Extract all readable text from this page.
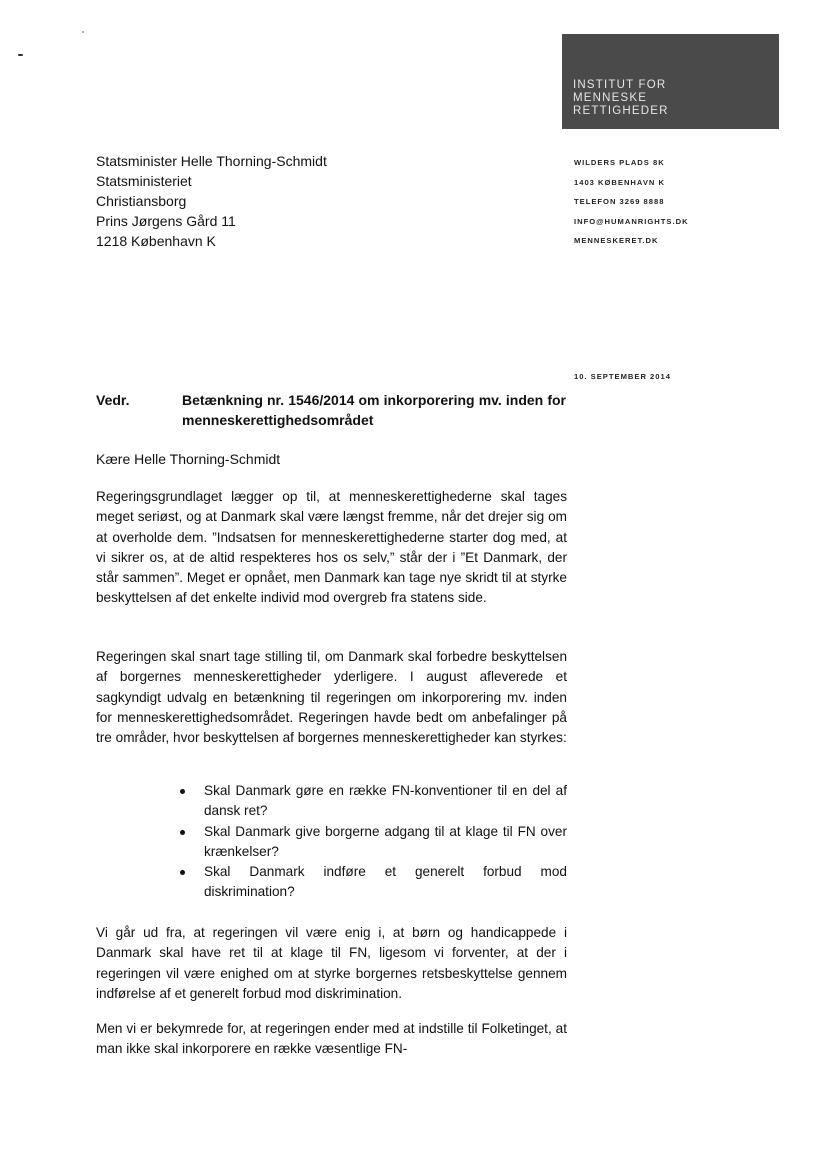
INSTITUT FOR
MENNESKE
RETTIGHEDER
Statsminister Helle Thorning-Schmidt
Statsministeriet
Christiansborg
Prins Jørgens Gård 11
1218 København K
WILDERS PLADS 8K
1403 KØBENHAVN K
TELEFON 3269 8888
INFO@HUMANRIGHTS.DK
MENNESKERET.DK
10. SEPTEMBER 2014
Vedr.	Betænkning nr. 1546/2014 om inkorporering mv. inden for menneskerettighedsområdet
Kære Helle Thorning-Schmidt

Regeringsgrundlaget lægger op til, at menneskerettighederne skal tages meget seriøst, og at Danmark skal være længst fremme, når det drejer sig om at overholde dem. ”Indsatsen for menneskerettighederne starter dog med, at vi sikrer os, at de altid respekteres hos os selv,” står der i ”Et Danmark, der står sammen”. Meget er opnået, men Danmark kan tage nye skridt til at styrke beskyttelsen af det enkelte individ mod overgreb fra statens side.

Regeringen skal snart tage stilling til, om Danmark skal forbedre beskyttelsen af borgernes menneskerettigheder yderligere. I august afleverede et sagkyndigt udvalg en betænkning til regeringen om inkorporering mv. inden for menneskerettighedsområdet. Regeringen havde bedt om anbefalinger på tre områder, hvor beskyttelsen af borgernes menneskerettigheder kan styrkes:

Skal Danmark gøre en række FN-konventioner til en del af dansk ret?
Skal Danmark give borgerne adgang til at klage til FN over krænkelser?
Skal Danmark indføre et generelt forbud mod diskrimination?

Vi går ud fra, at regeringen vil være enig i, at børn og handicappede i Danmark skal have ret til at klage til FN, ligesom vi forventer, at der i regeringen vil være enighed om at styrke borgernes retsbeskyttelse gennem indførelse af et generelt forbud mod diskrimination.

Men vi er bekymrede for, at regeringen ender med at indstille til Folketinget, at man ikke skal inkorporere en række væsentlige FN-
